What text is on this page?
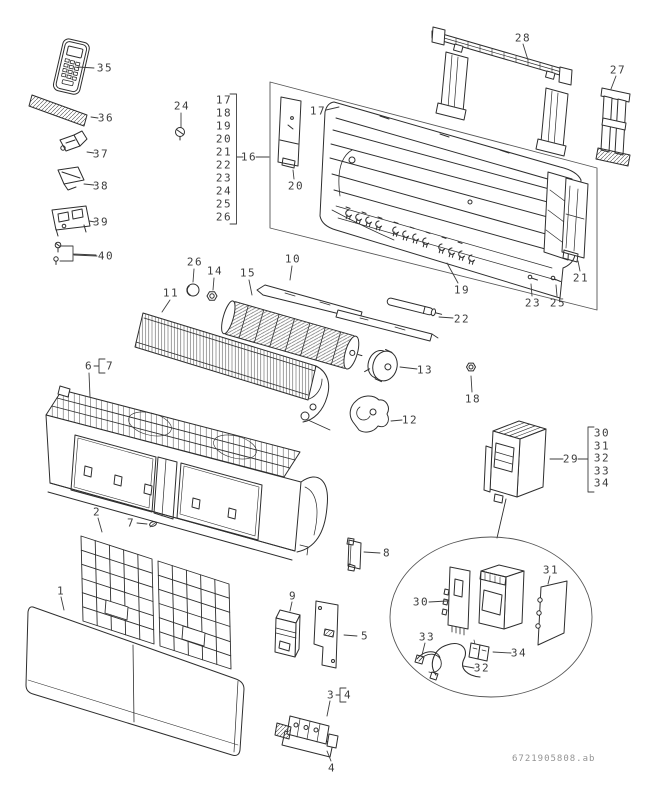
35
36
37
38
39
40
24
16
17
20
28
27
21
23 25
19
22
26
14 15
10
11
13
18
12
6 7
2
7
1
8
9
5
3 4
4
29
30
31
33
32
34
17
18
19
20
21
22
23
24
25
26
30
31
32
33
34
6721905808.ab
